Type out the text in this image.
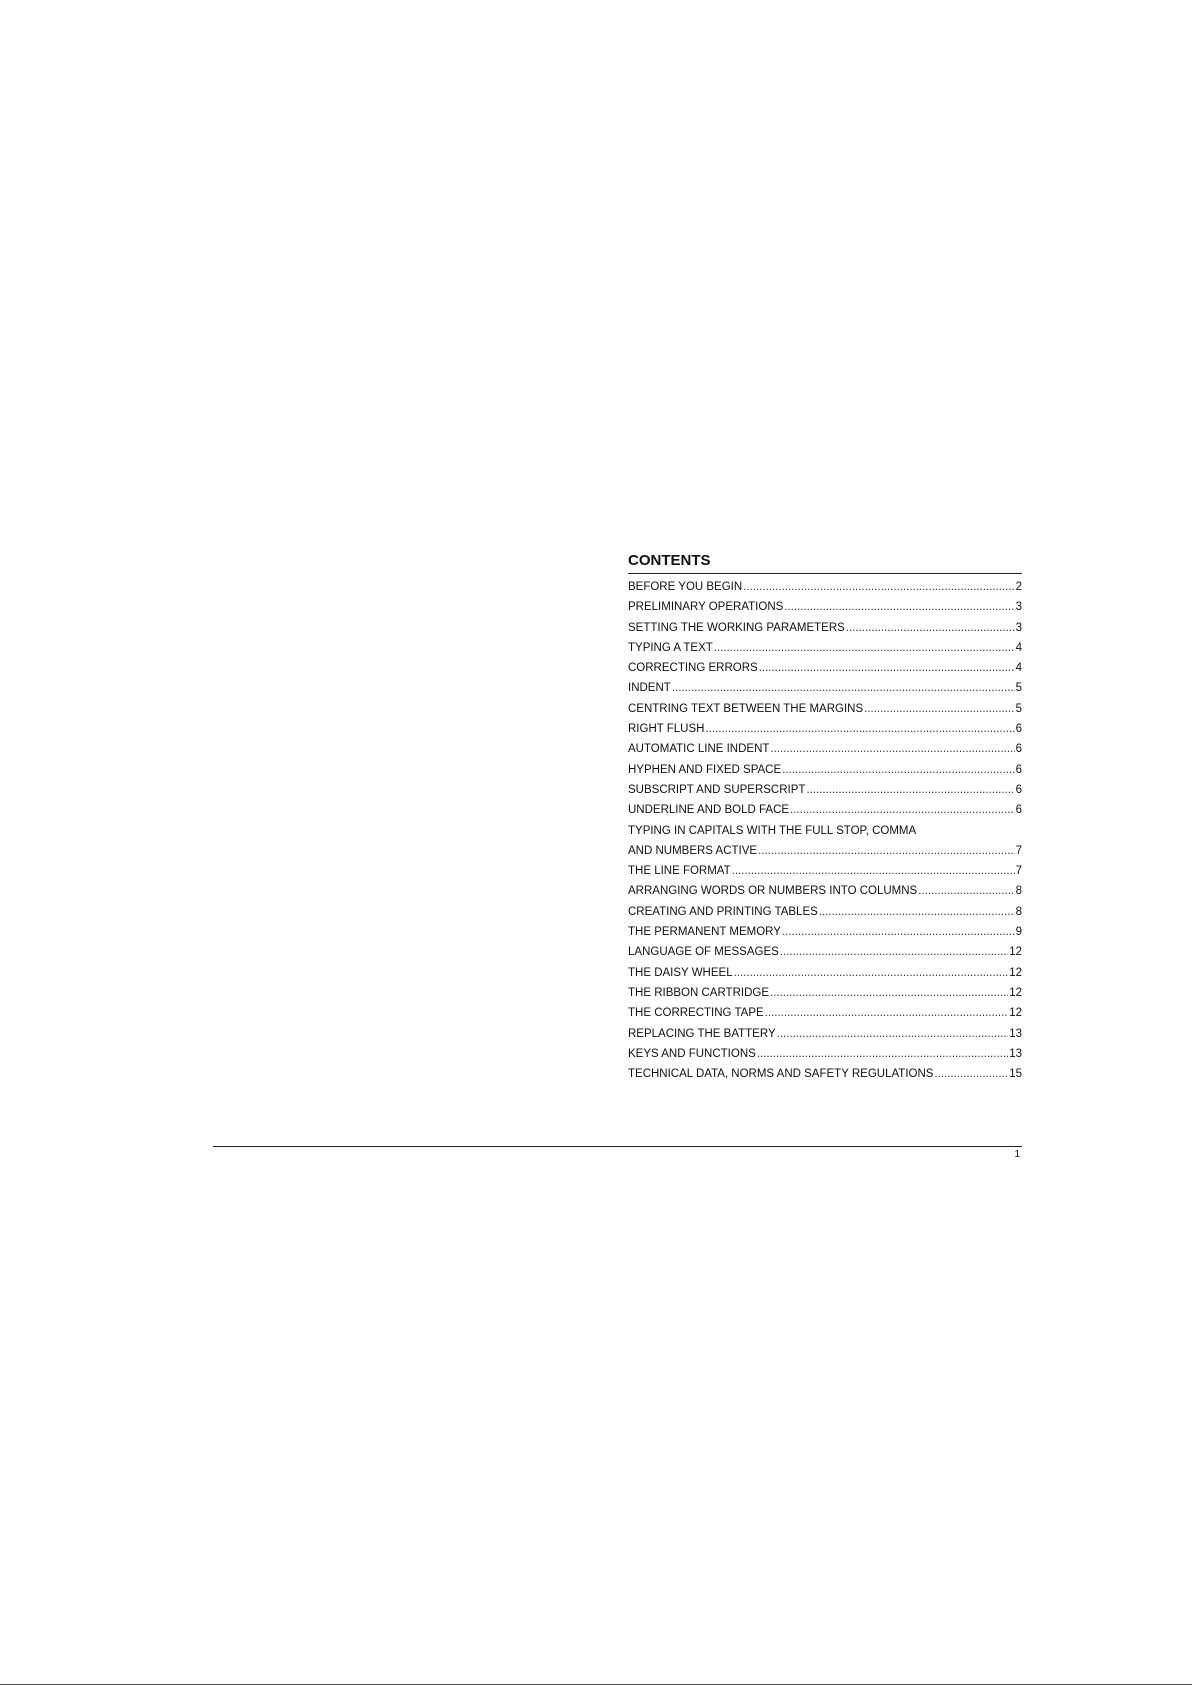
CONTENTS
BEFORE YOU BEGIN .....	2
PRELIMINARY OPERATIONS .....	3
SETTING THE WORKING PARAMETERS .....	3
TYPING A TEXT .....	4
CORRECTING ERRORS .....	4
INDENT .....	5
CENTRING TEXT BETWEEN THE MARGINS .....	5
RIGHT FLUSH .....	6
AUTOMATIC LINE INDENT .....	6
HYPHEN AND FIXED SPACE .....	6
SUBSCRIPT AND SUPERSCRIPT .....	6
UNDERLINE AND BOLD FACE .....	6
TYPING IN CAPITALS WITH THE FULL STOP, COMMA
AND NUMBERS ACTIVE .....	7
THE LINE FORMAT .....	7
ARRANGING WORDS OR NUMBERS INTO COLUMNS .....	8
CREATING AND PRINTING TABLES .....	8
THE PERMANENT MEMORY .....	9
LANGUAGE OF MESSAGES .....	12
THE DAISY WHEEL .....	12
THE RIBBON CARTRIDGE .....	12
THE CORRECTING TAPE .....	12
REPLACING THE BATTERY .....	13
KEYS AND FUNCTIONS .....	13
TECHNICAL DATA, NORMS AND SAFETY REGULATIONS .....	15
1
